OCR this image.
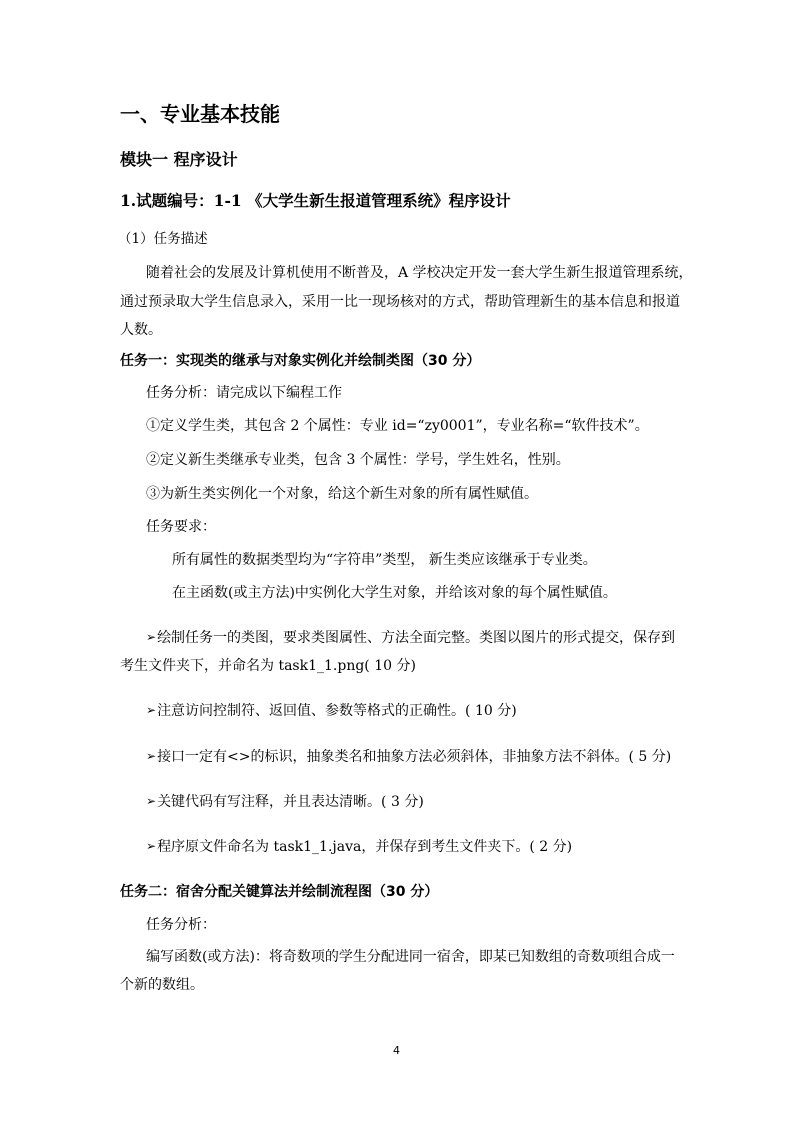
一、专业基本技能
模块一 程序设计
1.试题编号：1-1 《大学生新生报道管理系统》程序设计
（1）任务描述
随着社会的发展及计算机使用不断普及，A 学校决定开发一套大学生新生报道管理系统，
通过预录取大学生信息录入，采用一比一现场核对的方式，帮助管理新生的基本信息和报道
人数。
任务一：实现类的继承与对象实例化并绘制类图（30 分）
任务分析：请完成以下编程工作
①定义学生类，其包含 2 个属性：专业 id=“zy0001”，专业名称=“软件技术”。
②定义新生类继承专业类，包含 3 个属性：学号，学生姓名，性别。
③为新生类实例化一个对象，给这个新生对象的所有属性赋值。
任务要求：
所有属性的数据类型均为“字符串”类型， 新生类应该继承于专业类。
在主函数(或主方法)中实例化大学生对象，并给该对象的每个属性赋值。
➢绘制任务一的类图，要求类图属性、方法全面完整。类图以图片的形式提交，保存到
考生文件夹下，并命名为 task1_1.png( 10 分)
➢注意访问控制符、返回值、参数等格式的正确性。( 10 分)
➢接口一定有<>的标识，抽象类名和抽象方法必须斜体，非抽象方法不斜体。( 5 分)
➢关键代码有写注释，并且表达清晰。( 3 分)
➢程序原文件命名为 task1_1.java，并保存到考生文件夹下。( 2 分)
任务二：宿舍分配关键算法并绘制流程图（30 分）
任务分析：
编写函数(或方法)：将奇数项的学生分配进同一宿舍，即某已知数组的奇数项组合成一
个新的数组。
4
